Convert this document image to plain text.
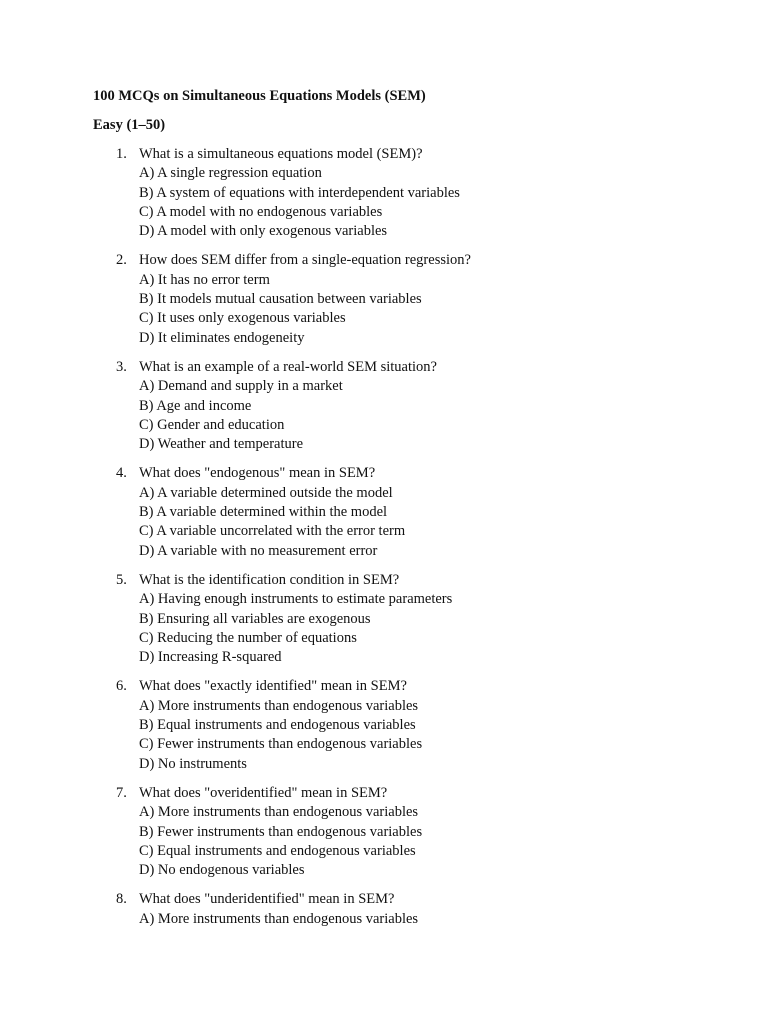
100 MCQs on Simultaneous Equations Models (SEM)
Easy (1–50)
1. What is a simultaneous equations model (SEM)?
A) A single regression equation
B) A system of equations with interdependent variables
C) A model with no endogenous variables
D) A model with only exogenous variables
2. How does SEM differ from a single-equation regression?
A) It has no error term
B) It models mutual causation between variables
C) It uses only exogenous variables
D) It eliminates endogeneity
3. What is an example of a real-world SEM situation?
A) Demand and supply in a market
B) Age and income
C) Gender and education
D) Weather and temperature
4. What does "endogenous" mean in SEM?
A) A variable determined outside the model
B) A variable determined within the model
C) A variable uncorrelated with the error term
D) A variable with no measurement error
5. What is the identification condition in SEM?
A) Having enough instruments to estimate parameters
B) Ensuring all variables are exogenous
C) Reducing the number of equations
D) Increasing R-squared
6. What does "exactly identified" mean in SEM?
A) More instruments than endogenous variables
B) Equal instruments and endogenous variables
C) Fewer instruments than endogenous variables
D) No instruments
7. What does "overidentified" mean in SEM?
A) More instruments than endogenous variables
B) Fewer instruments than endogenous variables
C) Equal instruments and endogenous variables
D) No endogenous variables
8. What does "underidentified" mean in SEM?
A) More instruments than endogenous variables
